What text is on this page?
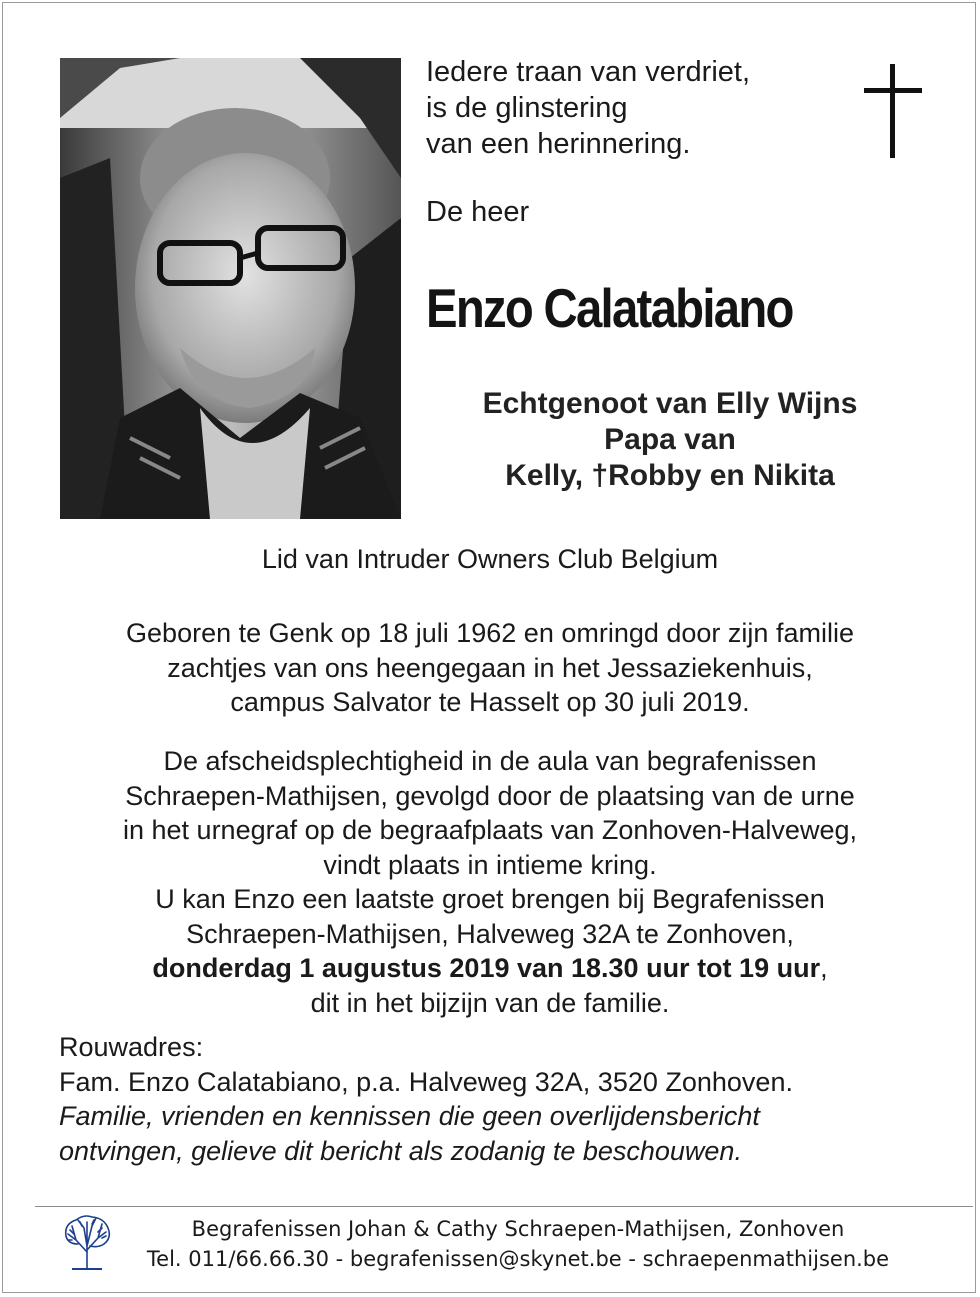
Iedere traan van verdriet,
is de glinstering
van een herinnering.
De heer
Enzo Calatabiano
Echtgenoot van Elly Wijns
Papa van
Kelly, †Robby en Nikita
Lid van Intruder Owners Club Belgium
Geboren te Genk op 18 juli 1962 en omringd door zijn familie
zachtjes van ons heengegaan in het Jessaziekenhuis,
campus Salvator te Hasselt op 30 juli 2019.
De afscheidsplechtigheid in de aula van begrafenissen
Schraepen-Mathijsen, gevolgd door de plaatsing van de urne
in het urnegraf op de begraafplaats van Zonhoven-Halveweg,
vindt plaats in intieme kring.
U kan Enzo een laatste groet brengen bij Begrafenissen
Schraepen-Mathijsen, Halveweg 32A te Zonhoven,
donderdag 1 augustus 2019 van 18.30 uur tot 19 uur,
dit in het bijzijn van de familie.
Rouwadres:
Fam. Enzo Calatabiano, p.a. Halveweg 32A, 3520 Zonhoven.
Familie, vrienden en kennissen die geen overlijdensbericht
ontvingen, gelieve dit bericht als zodanig te beschouwen.
Begrafenissen Johan & Cathy Schraepen-Mathijsen, Zonhoven
Tel. 011/66.66.30 - begrafenissen@skynet.be - schraepenmathijsen.be
